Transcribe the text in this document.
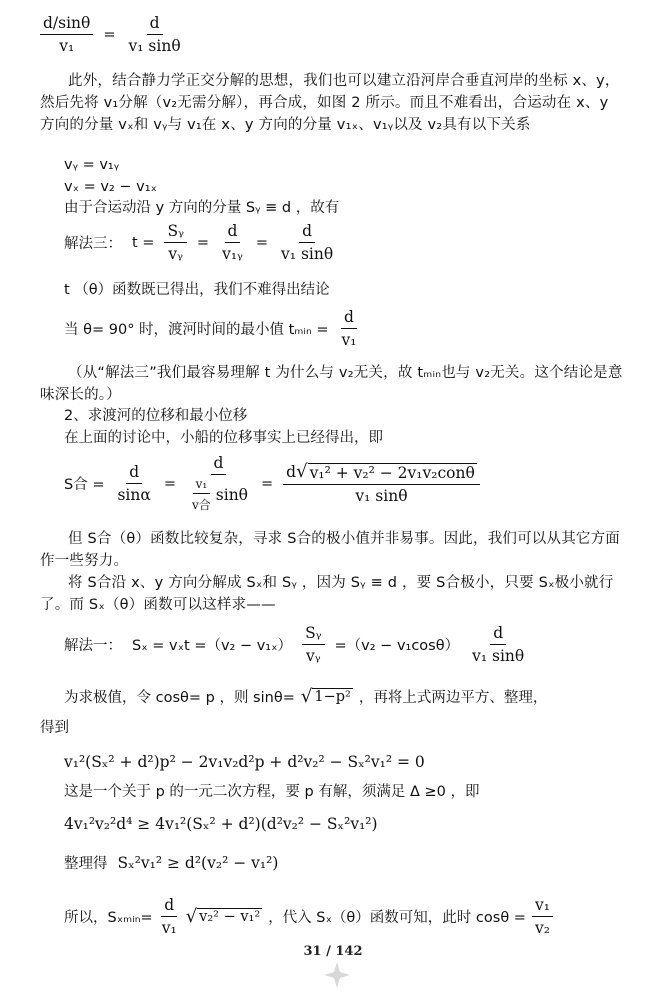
$\frac{d/\sin\theta}{\text{v₁}} = \frac{d}{\text{v₁ sinθ}}$
此外，结合静力学正交分解的思想，我们也可以建立沿河岸合垂直河岸的坐标 x、y，然后先将 v₁分解（v₂无需分解），再合成，如图 2 所示。而且不难看出，合运动在 x、y 方向的分量 vₓ和 vᵧ与 v₁在 x、y 方向的分量 v₁ₓ、v₁ᵧ以及 v₂具有以下关系
vᵧ = v₁ᵧ
vₓ = v₂ − v₁ₓ
由于合运动沿 y 方向的分量 Sᵧ ≡ d ，故有
解法三： $t = \frac{\text{Sᵧ}}{\text{vᵧ}} = \frac{d}{\text{v₁ᵧ}} = \frac{d}{\text{v₁ sinθ}}$
t （θ）函数既已得出，我们不难得出结论
当 θ= 90° 时，渡河时间的最小值 tₘᵢₙ = $\frac{d}{\text{v₁}}$
（从“解法三”我们最容易理解 t 为什么与 v₂无关，故 tₘᵢₙ也与 v₂无关。这个结论是意味深长的。）
2、求渡河的位移和最小位移
在上面的讨论中，小船的位移事实上已经得出，即
S合 = $\frac{d}{\sin\alpha} = \frac{d}{\frac{\text{v₁}}{\text{v合}} \sin\theta} = \frac{\text{d √ v₁² + v₂² − 2v₁v₂conθ}}{\text{v₁ sinθ}}$
但 S合（θ）函数比较复杂，寻求 S合的极小值并非易事。因此，我们可以从其它方面作一些努力。
将 S合沿 x、y 方向分解成 Sₓ和 Sᵧ ，因为 Sᵧ ≡ d ，要 S合极小，只要 Sₓ极小就行了。而 Sₓ（θ）函数可以这样求——
解法一： $S_x = v_xt =(v_2 - v_{1x}) \frac{\text{Sᵧ}}{\text{vᵧ}} =(v_2 - v_1\cos\theta) \frac{d}{\text{v₁ sinθ}}$
为求极值，令 cosθ= p ，则 sinθ= √ 1−p² ，再将上式两边平方、整理，
得到
v₁²(Sₓ² + d²)p² − 2v₁v₂d²p + d²v₂² − Sₓ²v₁² = 0
这是一个关于 p 的一元二次方程，要 p 有解，须满足 Δ ≥0 ，即
4v₁²v₂²d⁴ ≥ 4v₁²(Sₓ² + d²)(d²v₂² − Sₓ²v₁²)
整理得 Sₓ²v₁² ≥ d²(v₂² − v₁²)
所以，Sₓₘᵢₙ= $\frac{d}{\text{v₁}}$ √ v₂² − v₁² ，代入 Sₓ（θ）函数可知，此时 $\cos\theta = \frac{\text{v₁}}{\text{v₂}}$
31 / 142
